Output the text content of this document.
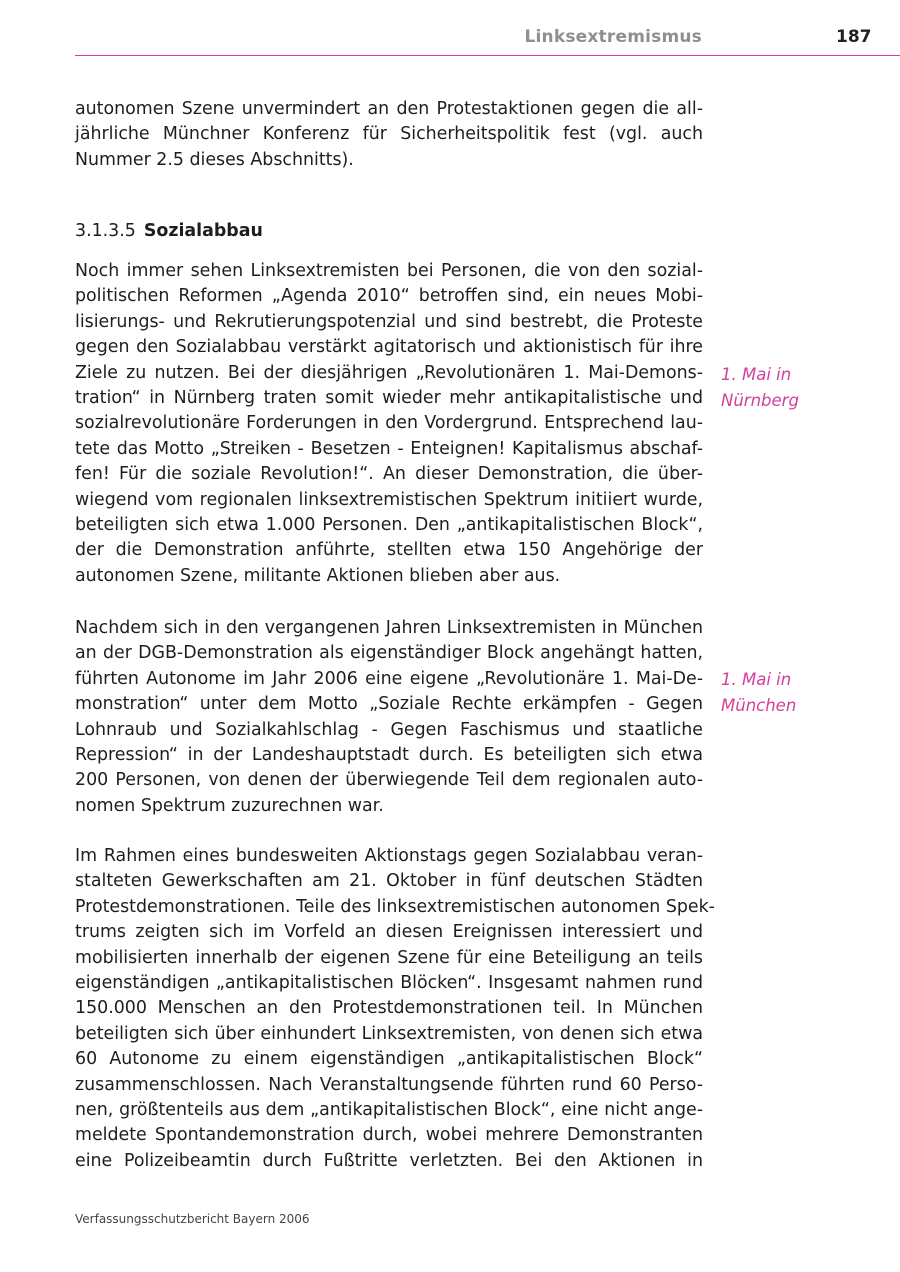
Linksextremismus	187

autonomen Szene unvermindert an den Protestaktionen gegen die all-
jährliche Münchner Konferenz für Sicherheitspolitik fest (vgl. auch
Nummer 2.5 dieses Abschnitts).

3.1.3.5 Sozialabbau

Noch immer sehen Linksextremisten bei Personen, die von den sozial-
politischen Reformen „Agenda 2010“ betroffen sind, ein neues Mobi-
lisierungs- und Rekrutierungspotenzial und sind bestrebt, die Proteste
gegen den Sozialabbau verstärkt agitatorisch und aktionistisch für ihre
Ziele zu nutzen. Bei der diesjährigen „Revolutionären 1. Mai-Demons-
tration“ in Nürnberg traten somit wieder mehr antikapitalistische und
sozialrevolutionäre Forderungen in den Vordergrund. Entsprechend lau-
tete das Motto „Streiken - Besetzen - Enteignen! Kapitalismus abschaf-
fen! Für die soziale Revolution!“. An dieser Demonstration, die über-
wiegend vom regionalen linksextremistischen Spektrum initiiert wurde,
beteiligten sich etwa 1.000 Personen. Den „antikapitalistischen Block“,
der die Demonstration anführte, stellten etwa 150 Angehörige der
autonomen Szene, militante Aktionen blieben aber aus.

1. Mai in
Nürnberg

Nachdem sich in den vergangenen Jahren Linksextremisten in München
an der DGB-Demonstration als eigenständiger Block angehängt hatten,
führten Autonome im Jahr 2006 eine eigene „Revolutionäre 1. Mai-De-
monstration“ unter dem Motto „Soziale Rechte erkämpfen - Gegen
Lohnraub und Sozialkahlschlag - Gegen Faschismus und staatliche
Repression“ in der Landeshauptstadt durch. Es beteiligten sich etwa
200 Personen, von denen der überwiegende Teil dem regionalen auto-
nomen Spektrum zuzurechnen war.

1. Mai in
München

Im Rahmen eines bundesweiten Aktionstags gegen Sozialabbau veran-
stalteten Gewerkschaften am 21. Oktober in fünf deutschen Städten
Protestdemonstrationen. Teile des linksextremistischen autonomen Spek-
trums zeigten sich im Vorfeld an diesen Ereignissen interessiert und
mobilisierten innerhalb der eigenen Szene für eine Beteiligung an teils
eigenständigen „antikapitalistischen Blöcken“. Insgesamt nahmen rund
150.000 Menschen an den Protestdemonstrationen teil. In München
beteiligten sich über einhundert Linksextremisten, von denen sich etwa
60 Autonome zu einem eigenständigen „antikapitalistischen Block“
zusammenschlossen. Nach Veranstaltungsende führten rund 60 Perso-
nen, größtenteils aus dem „antikapitalistischen Block“, eine nicht ange-
meldete Spontandemonstration durch, wobei mehrere Demonstranten
eine Polizeibeamtin durch Fußtritte verletzten. Bei den Aktionen in

Verfassungsschutzbericht Bayern 2006
